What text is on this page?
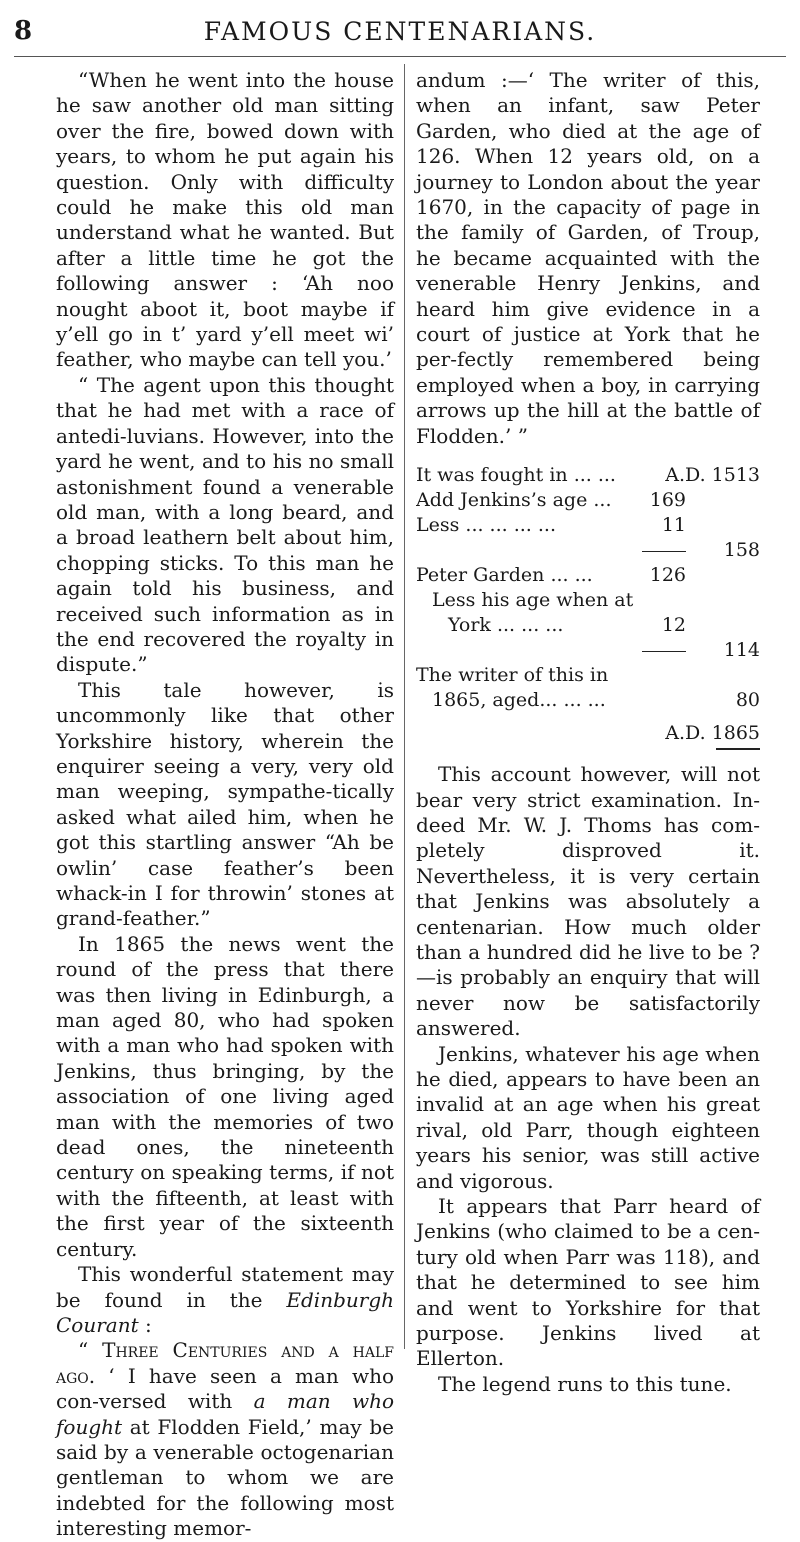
8	FAMOUS CENTENARIANS.

“When he went into the house he saw another old man sitting over the fire, bowed down with years, to whom he put again his question. Only with difficulty could he make this old man understand what he wanted. But after a little time he got the following answer : ‘Ah noo nought aboot it, boot maybe if y’ell go in t’ yard y’ell meet wi’ feather, who maybe can tell you.’

“ The agent upon this thought that he had met with a race of antedi-luvians. However, into the yard he went, and to his no small astonishment found a venerable old man, with a long beard, and a broad leathern belt about him, chopping sticks. To this man he again told his business, and received such information as in the end recovered the royalty in dispute.”

This tale however, is uncommonly like that other Yorkshire history, wherein the enquirer seeing a very, very old man weeping, sympathe-tically asked what ailed him, when he got this startling answer “Ah be owlin’ case feather’s been whack-in I for throwin’ stones at grand-feather.”

In 1865 the news went the round of the press that there was then living in Edinburgh, a man aged 80, who had spoken with a man who had spoken with Jenkins, thus bringing, by the association of one living aged man with the memories of two dead ones, the nineteenth century on speaking terms, if not with the fifteenth, at least with the first year of the sixteenth century.

This wonderful statement may be found in the Edinburgh Courant :

“ Three Centuries and a half ago. ‘ I have seen a man who con-versed with a man who fought at Flodden Field,’ may be said by a venerable octogenarian gentleman to whom we are indebted for the following most interesting memor-

andum :—‘ The writer of this, when an infant, saw Peter Garden, who died at the age of 126. When 12 years old, on a journey to London about the year 1670, in the capacity of page in the family of Garden, of Troup, he became acquainted with the venerable Henry Jenkins, and heard him give evidence in a court of justice at York that he per-fectly remembered being employed when a boy, in carrying arrows up the hill at the battle of Flodden.’ ”

It was fought in ... ...	A.D. 1513
Add Jenkins’s age ...	169
Less ... ... ... ...	11
158
Peter Garden ... ...	126
Less his age when at
York ... ... ...	12
114
The writer of this in
1865, aged... ... ...	80
A.D. 1865

This account however, will not bear very strict examination. In-deed Mr. W. J. Thoms has com-pletely disproved it. Nevertheless, it is very certain that Jenkins was absolutely a centenarian. How much older than a hundred did he live to be ?—is probably an enquiry that will never now be satisfactorily answered.

Jenkins, whatever his age when he died, appears to have been an invalid at an age when his great rival, old Parr, though eighteen years his senior, was still active and vigorous.

It appears that Parr heard of Jenkins (who claimed to be a cen-tury old when Parr was 118), and that he determined to see him and went to Yorkshire for that purpose. Jenkins lived at Ellerton.

The legend runs to this tune.
